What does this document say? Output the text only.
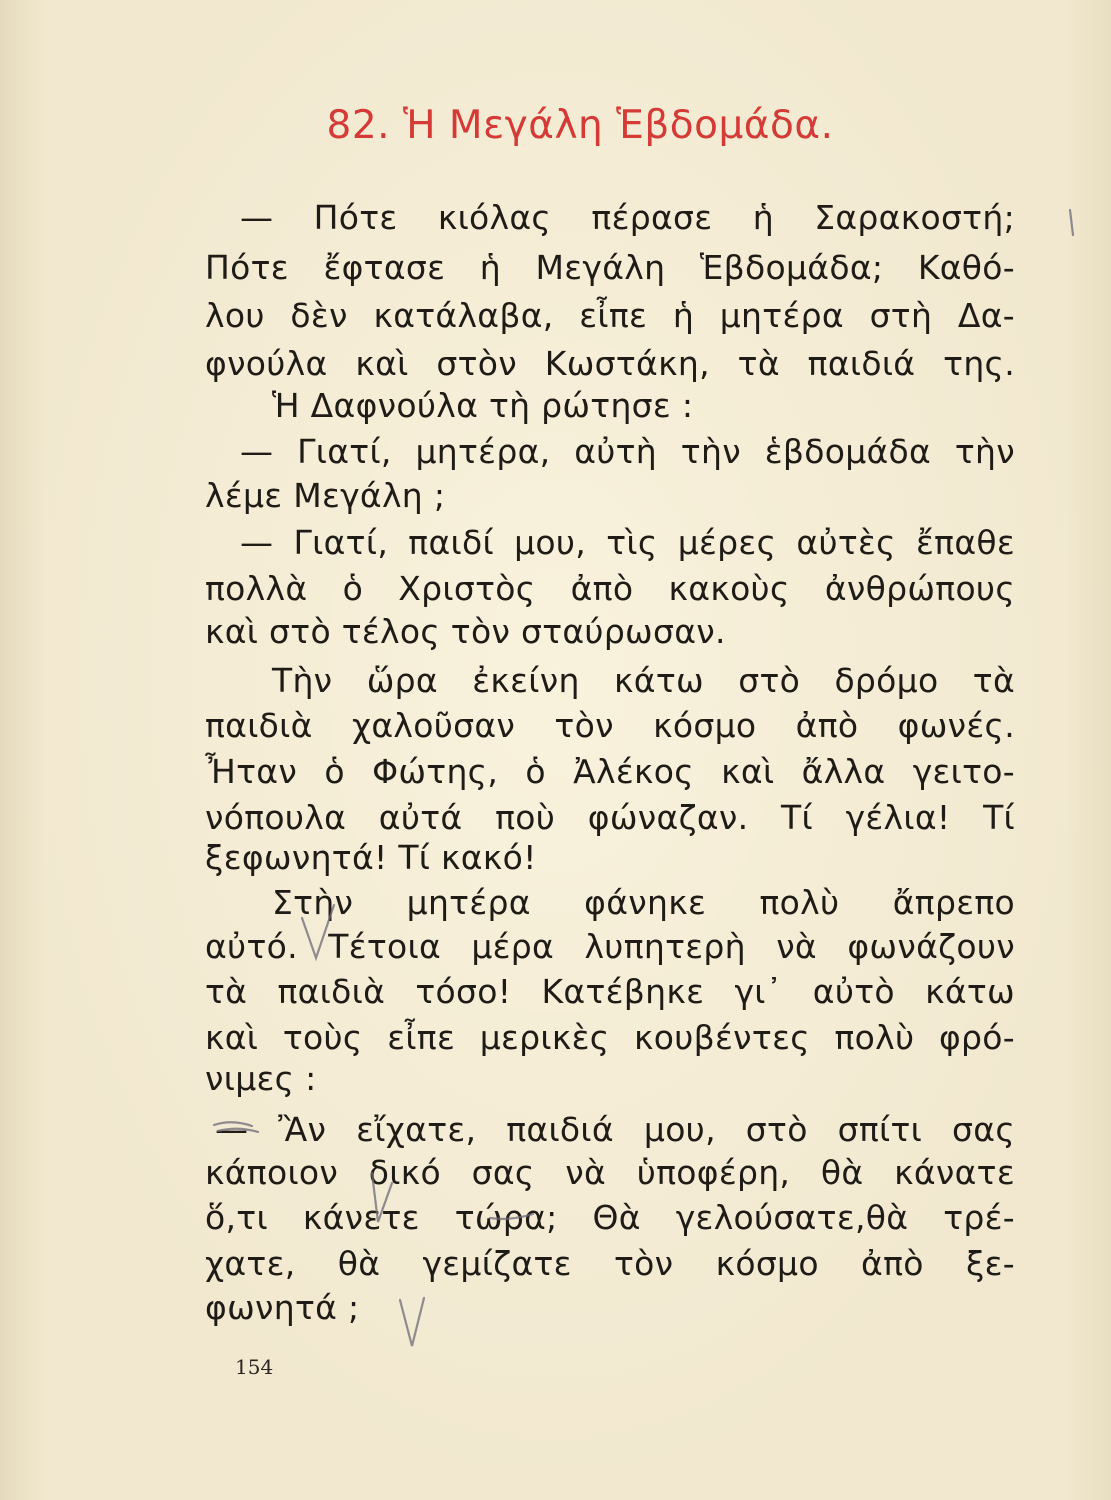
82. Ἡ Μεγάλη Ἑβδομάδα.
— Πότε κιόλας πέρασε ἡ Σαρακοστή;
Πότε ἔφτασε ἡ Μεγάλη Ἑβδομάδα; Καθό-
λου δὲν κατάλαβα, εἶπε ἡ μητέρα στὴ Δα-
φνούλα καὶ στὸν Κωστάκη, τὰ παιδιά της.
Ἡ Δαφνούλα τὴ ρώτησε :
— Γιατί, μητέρα, αὐτὴ τὴν ἑβδομάδα τὴν
λέμε Μεγάλη ;
— Γιατί, παιδί μου, τὶς μέρες αὐτὲς ἔπαθε
πολλὰ ὁ Χριστὸς ἀπὸ κακοὺς ἀνθρώπους
καὶ στὸ τέλος τὸν σταύρωσαν.
Τὴν ὥρα ἐκείνη κάτω στὸ δρόμο τὰ
παιδιὰ χαλοῦσαν τὸν κόσμο ἀπὸ φωνές.
Ἦταν ὁ Φώτης, ὁ Ἀλέκος καὶ ἄλλα γειτο-
νόπουλα αὐτά ποὺ φώναζαν. Τί γέλια! Τί
ξεφωνητά! Τί κακό!
Στὴν μητέρα φάνηκε πολὺ ἄπρεπο
αὐτό. Τέτοια μέρα λυπητερὴ νὰ φωνάζουν
τὰ παιδιὰ τόσο! Κατέβηκε γι᾽ αὐτὸ κάτω
καὶ τοὺς εἶπε μερικὲς κουβέντες πολὺ φρό-
νιμες :
— Ἂν εἴχατε, παιδιά μου, στὸ σπίτι σας
κάποιον δικό σας νὰ ὑποφέρη, θὰ κάνατε
ὅ,τι κάνετε τώρα; Θὰ γελούσατε,θὰ τρέ-
χατε, θὰ γεμίζατε τὸν κόσμο ἀπὸ ξε-
φωνητά ;
154
